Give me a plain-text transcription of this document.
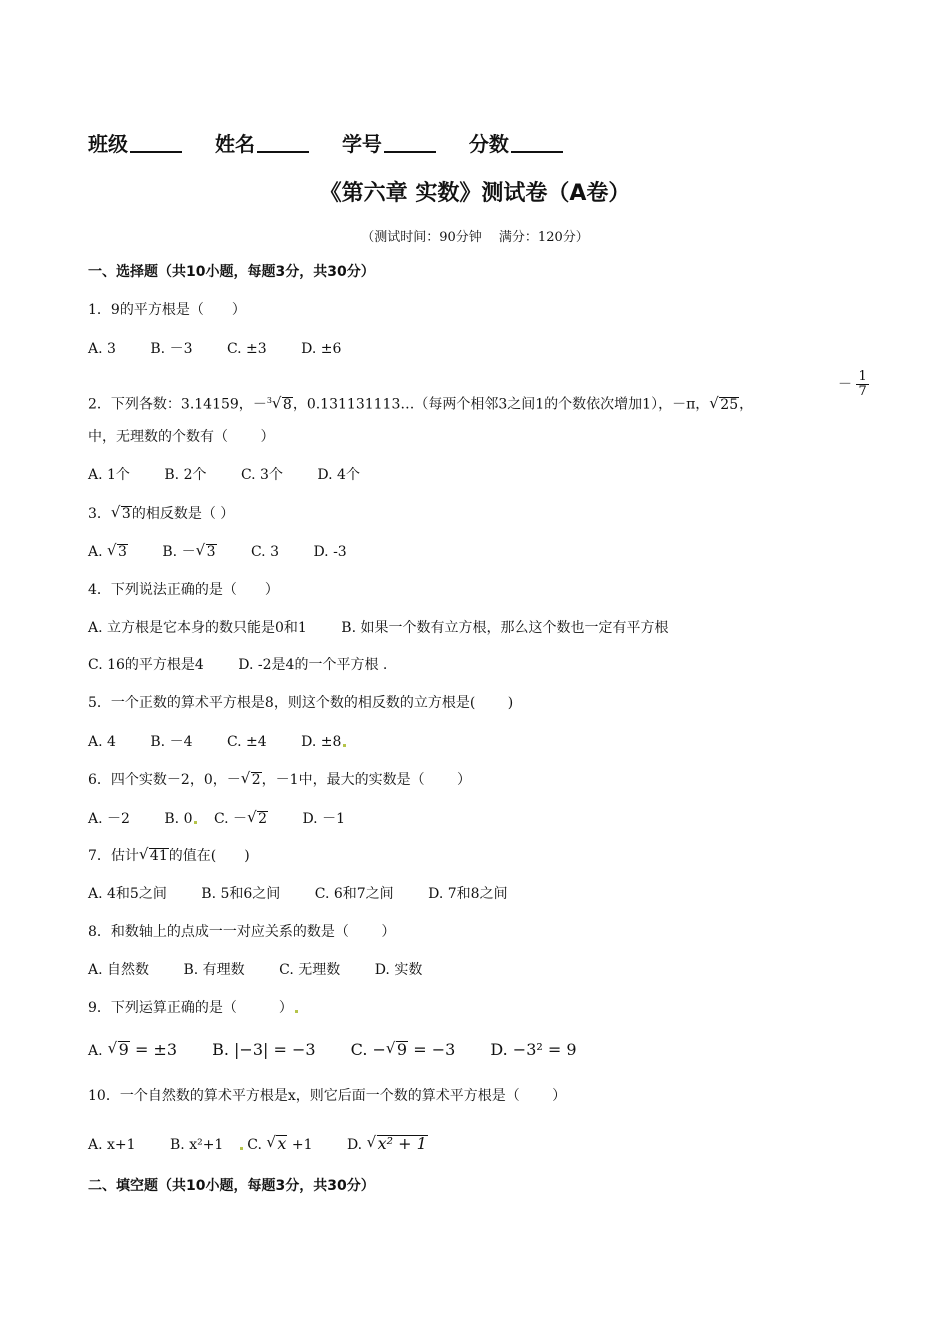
班级	姓名	学号	分数
《第六章 实数》测试卷（A卷）
（测试时间：90分钟　 满分：120分）
一、选择题（共10小题，每题3分，共30分）
1．9的平方根是（　　）
A. 3 B. －3 C. ±3 D. ±6
2．下列各数：3.14159，－$^3$ √ 8，0.131131113…（每两个相邻3之间1的个数依次增加1），－π， √ 25，
－ $\frac{1}{7}$
中，无理数的个数有（　　 ）
A. 1个 B. 2个 C. 3个 D. 4个
3． √ 3的相反数是（ ）
A. √ 3	B. － √ 3	C. 3 D. -3
4．下列说法正确的是（　　）
A. 立方根是它本身的数只能是0和1 B. 如果一个数有立方根，那么这个数也一定有平方根
C. 16的平方根是4 D. -2是4的一个平方根 .
5．一个正数的算术平方根是8，则这个数的相反数的立方根是(　　 )
A. 4 B. －4 C. ±4 D. ±8
6．四个实数－2，0，－ √ 2，－1中，最大的实数是（　　 ）
A. －2 B. 0 C. － √ 2	D. －1
7．估计 √ 41的值在(　　)
A. 4和5之间 B. 5和6之间 C. 6和7之间 D. 7和8之间
8．和数轴上的点成一一对应关系的数是（　　 ）
A. 自然数 B. 有理数 C. 无理数 D. 实数
9．下列运算正确的是（　　　）
A. √ 9 = ±3 B. |−3| = −3 C. − √ 9 = −3 D. −3² = 9
10．一个自然数的算术平方根是x，则它后面一个数的算术平方根是（　　 ）
A. x+1 B. x²+1 C. √ x +1 D. √ x² + 1
二、填空题（共10小题，每题3分，共30分）
